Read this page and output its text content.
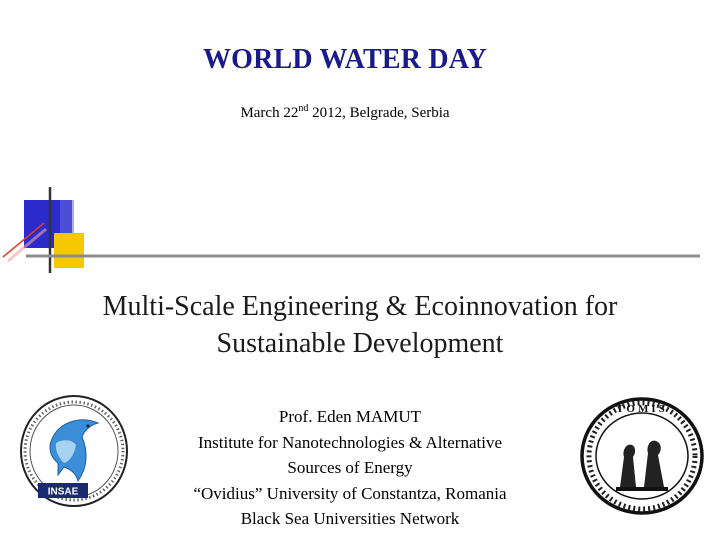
WORLD WATER DAY
March 22nd 2012, Belgrade, Serbia
Multi-Scale Engineering & Ecoinnovation for
Sustainable Development
Prof. Eden MAMUT
Institute for Nanotechnologies & Alternative
Sources of Energy
“Ovidius” University of Constantza, Romania
Black Sea Universities Network
INSAE
TOMIS
